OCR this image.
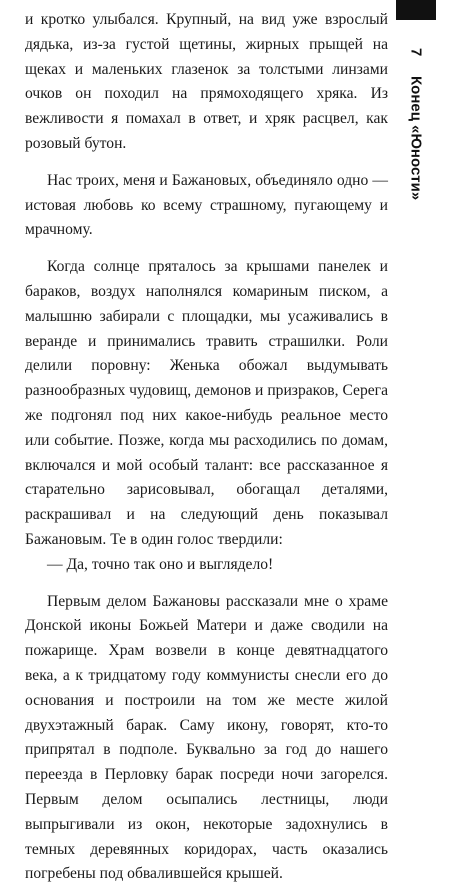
и кротко улыбался. Крупный, на вид уже взрослый дядька, из-за густой щетины, жирных прыщей на щеках и маленьких глазенок за толстыми линзами очков он походил на прямоходящего хряка. Из вежливости я помахал в ответ, и хряк расцвел, как розовый бутон.

Нас троих, меня и Бажановых, объединяло одно — истовая любовь ко всему страшному, пугающему и мрачному.

Когда солнце пряталось за крышами панелек и бараков, воздух наполнялся комариным писком, а малышню забирали с площадки, мы усаживались в веранде и принимались травить страшилки. Роли делили поровну: Женька обожал выдумывать разнообразных чудовищ, демонов и призраков, Серега же подгонял под них какое-нибудь реальное место или событие. Позже, когда мы расходились по домам, включался и мой особый талант: все рассказанное я старательно зарисовывал, обогащал деталями, раскрашивал и на следующий день показывал Бажановым. Те в один голос твердили:

— Да, точно так оно и выглядело!

Первым делом Бажановы рассказали мне о храме Донской иконы Божьей Матери и даже сводили на пожарище. Храм возвели в конце девятнадцатого века, а к тридцатому году коммунисты снесли его до основания и построили на том же месте жилой двухэтажный барак. Саму икону, говорят, кто-то припрятал в подполе. Буквально за год до нашего переезда в Перловку барак посреди ночи загорелся. Первым делом осыпались лестницы, люди выпрыгивали из окон, некоторые задохнулись в темных деревянных коридорах, часть оказались погребены под обвалившейся крышей.

7
Конец «Юности»
